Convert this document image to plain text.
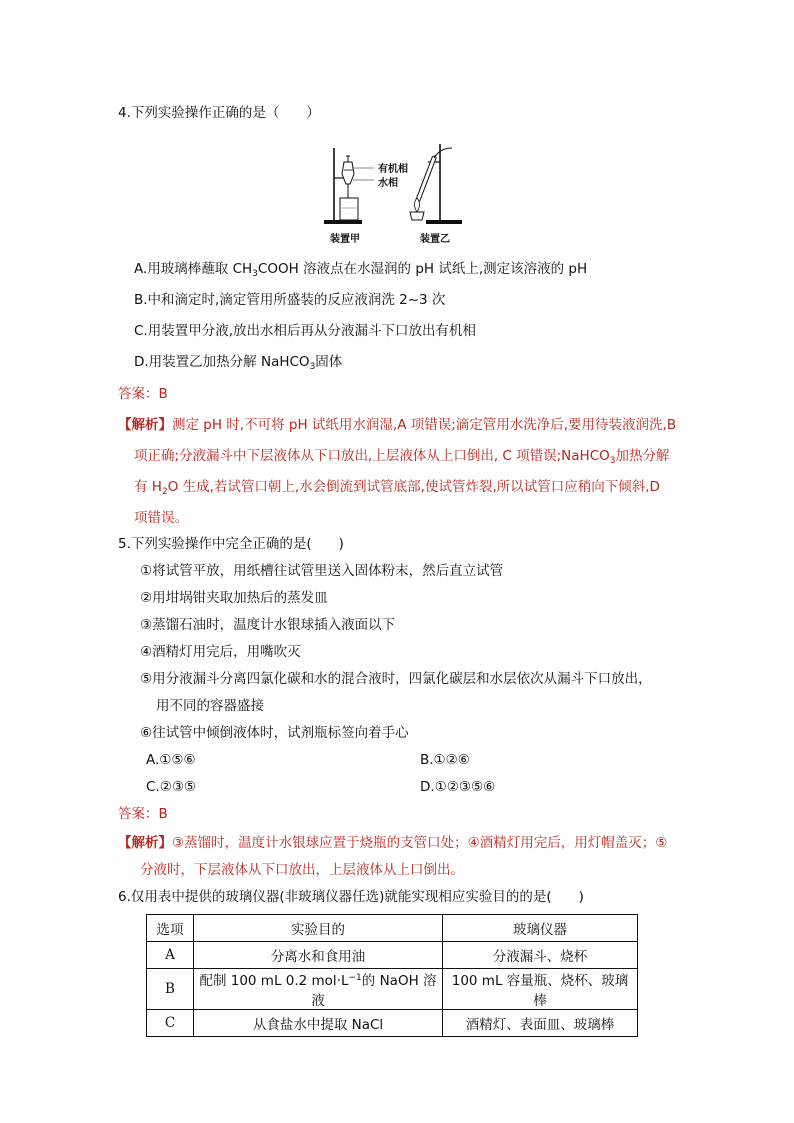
4.下列实验操作正确的是（　　）
有机相
水相
装置甲	装置乙
A.用玻璃棒蘸取 $CH_3COOH$ 溶液点在水湿润的 pH 试纸上,测定该溶液的 pH
B.中和滴定时,滴定管用所盛装的反应液润洗 2~3 次
C.用装置甲分液,放出水相后再从分液漏斗下口放出有机相
D.用装置乙加热分解 NaHCO$_3$固体
答案：B
【解析】测定 pH 时,不可将 pH 试纸用水润湿,A 项错误;滴定管用水洗净后,要用待装液润洗,B
项正确;分液漏斗中下层液体从下口放出,上层液体从上口倒出, C 项错误;NaHCO$_3$加热分解
有 $H_2O$ 生成,若试管口朝上,水会倒流到试管底部,使试管炸裂,所以试管口应稍向下倾斜,D
项错误。
5.下列实验操作中完全正确的是(　　)
①将试管平放，用纸槽往试管里送入固体粉末，然后直立试管
②用坩埚钳夹取加热后的蒸发皿
③蒸馏石油时，温度计水银球插入液面以下
④酒精灯用完后，用嘴吹灭
⑤用分液漏斗分离四氯化碳和水的混合液时，四氯化碳层和水层依次从漏斗下口放出，
用不同的容器盛接
⑥往试管中倾倒液体时，试剂瓶标签向着手心
A.①⑤⑥	B.①②⑥
C.②③⑤	D.①②③⑤⑥
答案：B
【解析】③蒸馏时，温度计水银球应置于烧瓶的支管口处；④酒精灯用完后，用灯帽盖灭；⑤
分液时，下层液体从下口放出，上层液体从上口倒出。
6.仅用表中提供的玻璃仪器(非玻璃仪器任选)就能实现相应实验目的的是(　　)
选项	实验目的	玻璃仪器
A	分离水和食用油	分液漏斗、烧杯
B	配制 100 mL 0.2 $mol\cdot L^{-1}$的 NaOH 溶液	100 mL 容量瓶、烧杯、玻璃棒
C	从食盐水中提取 NaCl	酒精灯、表面皿、玻璃棒
